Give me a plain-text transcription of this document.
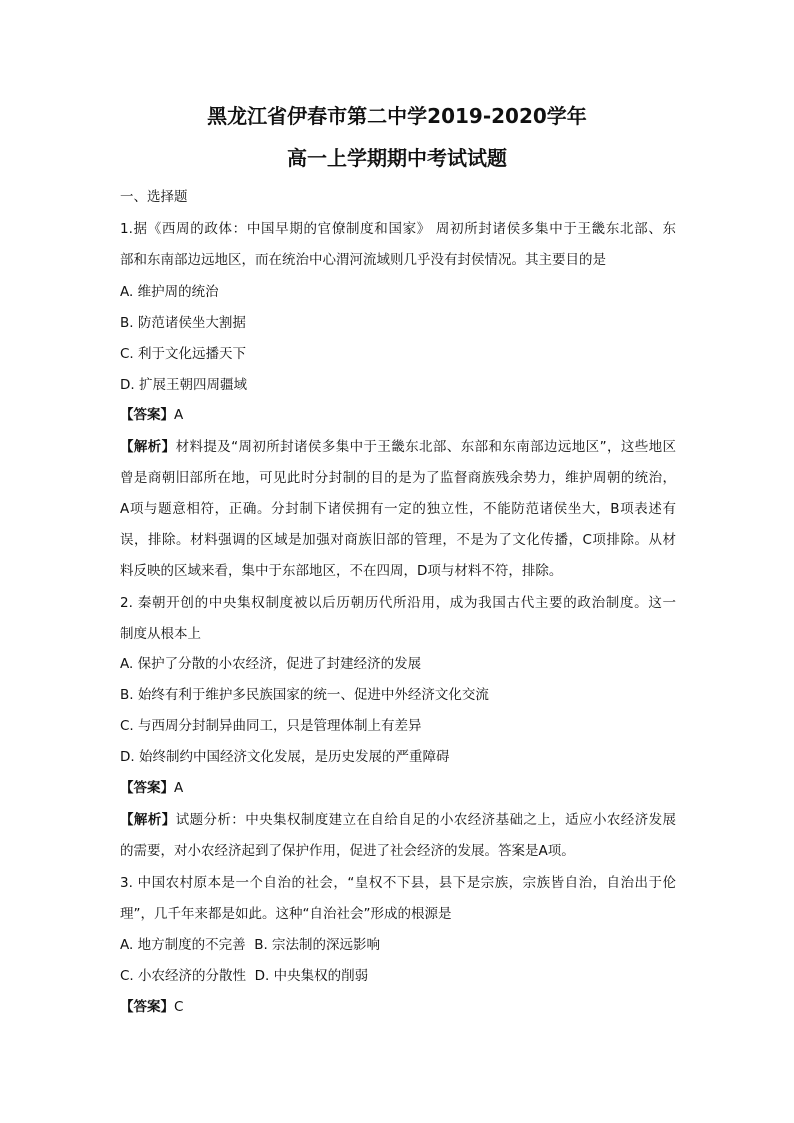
黑龙江省伊春市第二中学2019-2020学年
高一上学期期中考试试题
一、选择题
1.据《西周的政体：中国早期的官僚制度和国家》 周初所封诸侯多集中于王畿东北部、东
部和东南部边远地区，而在统治中心渭河流域则几乎没有封侯情况。其主要目的是
A. 维护周的统治
B. 防范诸侯坐大割据
C. 利于文化远播天下
D. 扩展王朝四周疆域
【答案】A
【解析】材料提及“周初所封诸侯多集中于王畿东北部、东部和东南部边远地区”，这些地区
曾是商朝旧部所在地，可见此时分封制的目的是为了监督商族残余势力，维护周朝的统治，
A项与题意相符，正确。分封制下诸侯拥有一定的独立性，不能防范诸侯坐大，B项表述有
误，排除。材料强调的区域是加强对商族旧部的管理，不是为了文化传播，C项排除。从材
料反映的区域来看，集中于东部地区，不在四周，D项与材料不符，排除。
2. 秦朝开创的中央集权制度被以后历朝历代所沿用，成为我国古代主要的政治制度。这一
制度从根本上
A. 保护了分散的小农经济，促进了封建经济的发展
B. 始终有利于维护多民族国家的统一、促进中外经济文化交流
C. 与西周分封制异曲同工，只是管理体制上有差异
D. 始终制约中国经济文化发展，是历史发展的严重障碍
【答案】A
【解析】试题分析：中央集权制度建立在自给自足的小农经济基础之上，适应小农经济发展
的需要，对小农经济起到了保护作用，促进了社会经济的发展。答案是A项。
3. 中国农村原本是一个自治的社会，“皇权不下县，县下是宗族，宗族皆自治，自治出于伦
理”，几千年来都是如此。这种“自治社会”形成的根源是
A. 地方制度的不完善 B. 宗法制的深远影响
C. 小农经济的分散性 D. 中央集权的削弱
【答案】C
